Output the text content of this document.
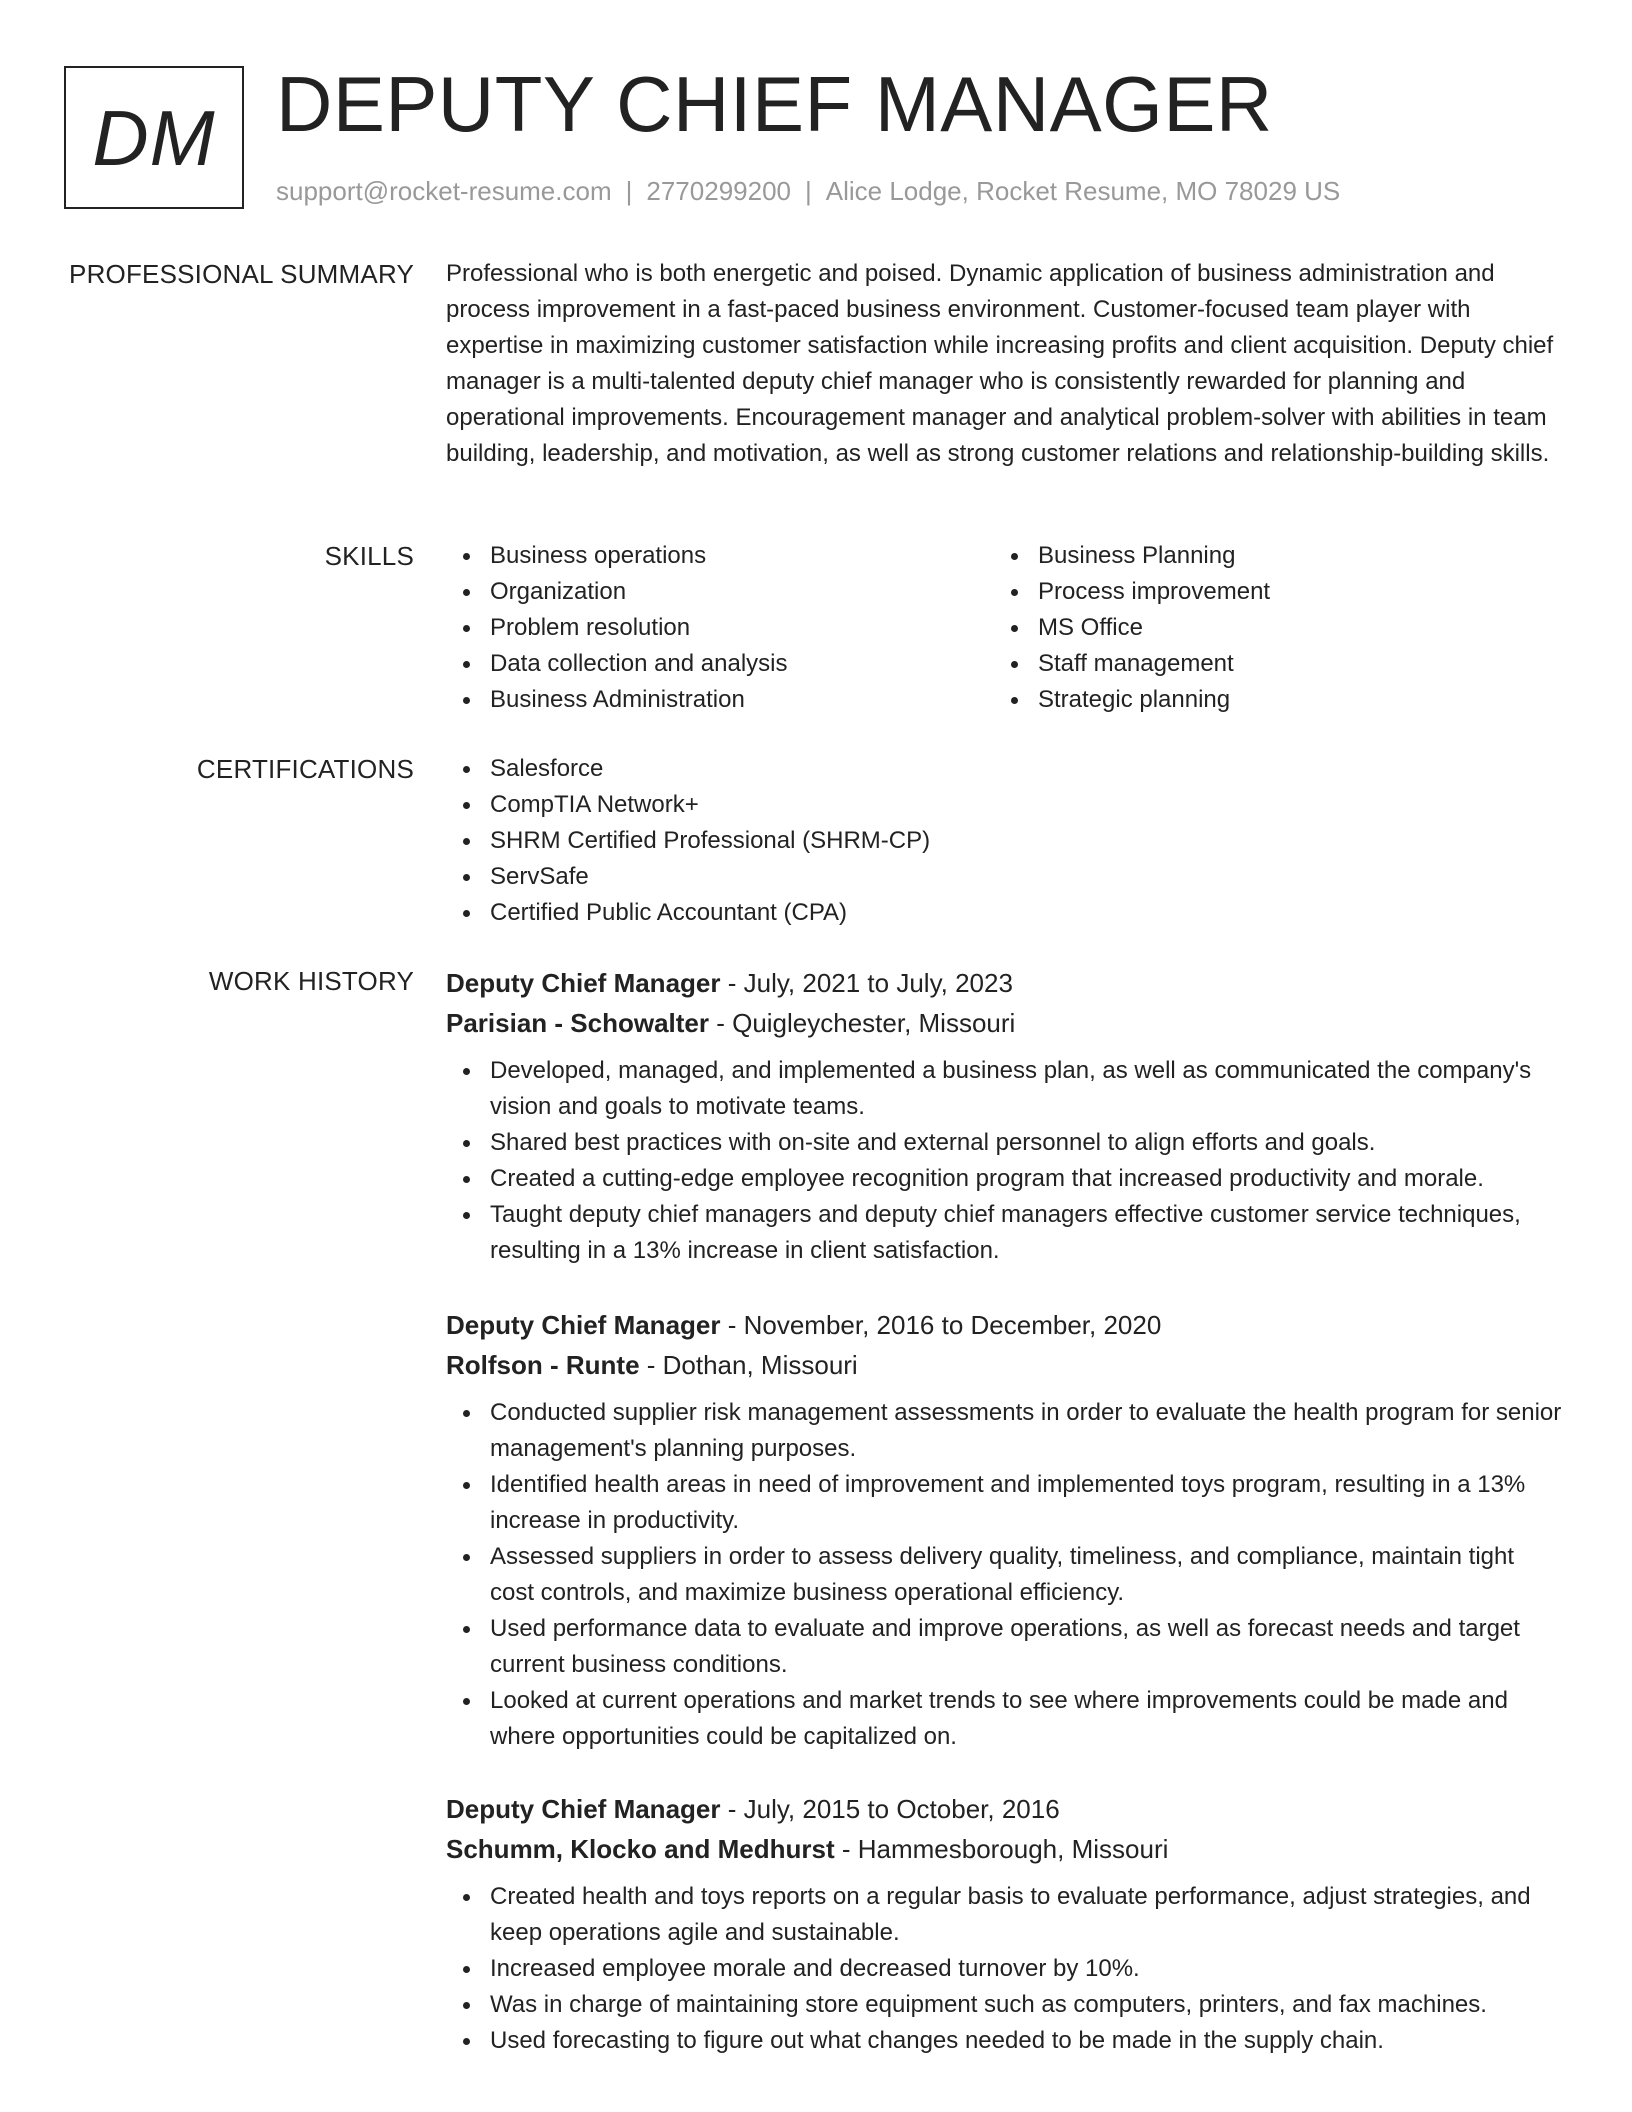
DM DEPUTY CHIEF MANAGER
support@rocket-resume.com | 2770299200 | Alice Lodge, Rocket Resume, MO 78029 US
PROFESSIONAL SUMMARY Professional who is both energetic and poised. Dynamic application of business administration and process improvement in a fast-paced business environment. Customer-focused team player with expertise in maximizing customer satisfaction while increasing profits and client acquisition. Deputy chief manager is a multi-talented deputy chief manager who is consistently rewarded for planning and operational improvements. Encouragement manager and analytical problem-solver with abilities in team building, leadership, and motivation, as well as strong customer relations and relationship-building skills.

SKILLS	Business operations
Organization
Problem resolution
Data collection and analysis
Business Administration
Business Planning
Process improvement
MS Office
Staff management
Strategic planning
CERTIFICATIONS	Salesforce
CompTIA Network+
SHRM Certified Professional (SHRM-CP)
ServSafe
Certified Public Accountant (CPA)
WORK HISTORY Deputy Chief Manager - July, 2021 to July, 2023
Parisian - Schowalter - Quigleychester, Missouri
Developed, managed, and implemented a business plan, as well as communicated the company's vision and goals to motivate teams.
Shared best practices with on-site and external personnel to align efforts and goals.
Created a cutting-edge employee recognition program that increased productivity and morale.
Taught deputy chief managers and deputy chief managers effective customer service techniques, resulting in a 13% increase in client satisfaction.
Deputy Chief Manager - November, 2016 to December, 2020
Rolfson - Runte - Dothan, Missouri
Conducted supplier risk management assessments in order to evaluate the health program for senior management's planning purposes.
Identified health areas in need of improvement and implemented toys program, resulting in a 13% increase in productivity.
Assessed suppliers in order to assess delivery quality, timeliness, and compliance, maintain tight cost controls, and maximize business operational efficiency.
Used performance data to evaluate and improve operations, as well as forecast needs and target current business conditions.
Looked at current operations and market trends to see where improvements could be made and where opportunities could be capitalized on.
Deputy Chief Manager - July, 2015 to October, 2016
Schumm, Klocko and Medhurst - Hammesborough, Missouri
Created health and toys reports on a regular basis to evaluate performance, adjust strategies, and keep operations agile and sustainable.
Increased employee morale and decreased turnover by 10%.
Was in charge of maintaining store equipment such as computers, printers, and fax machines.
Used forecasting to figure out what changes needed to be made in the supply chain.
